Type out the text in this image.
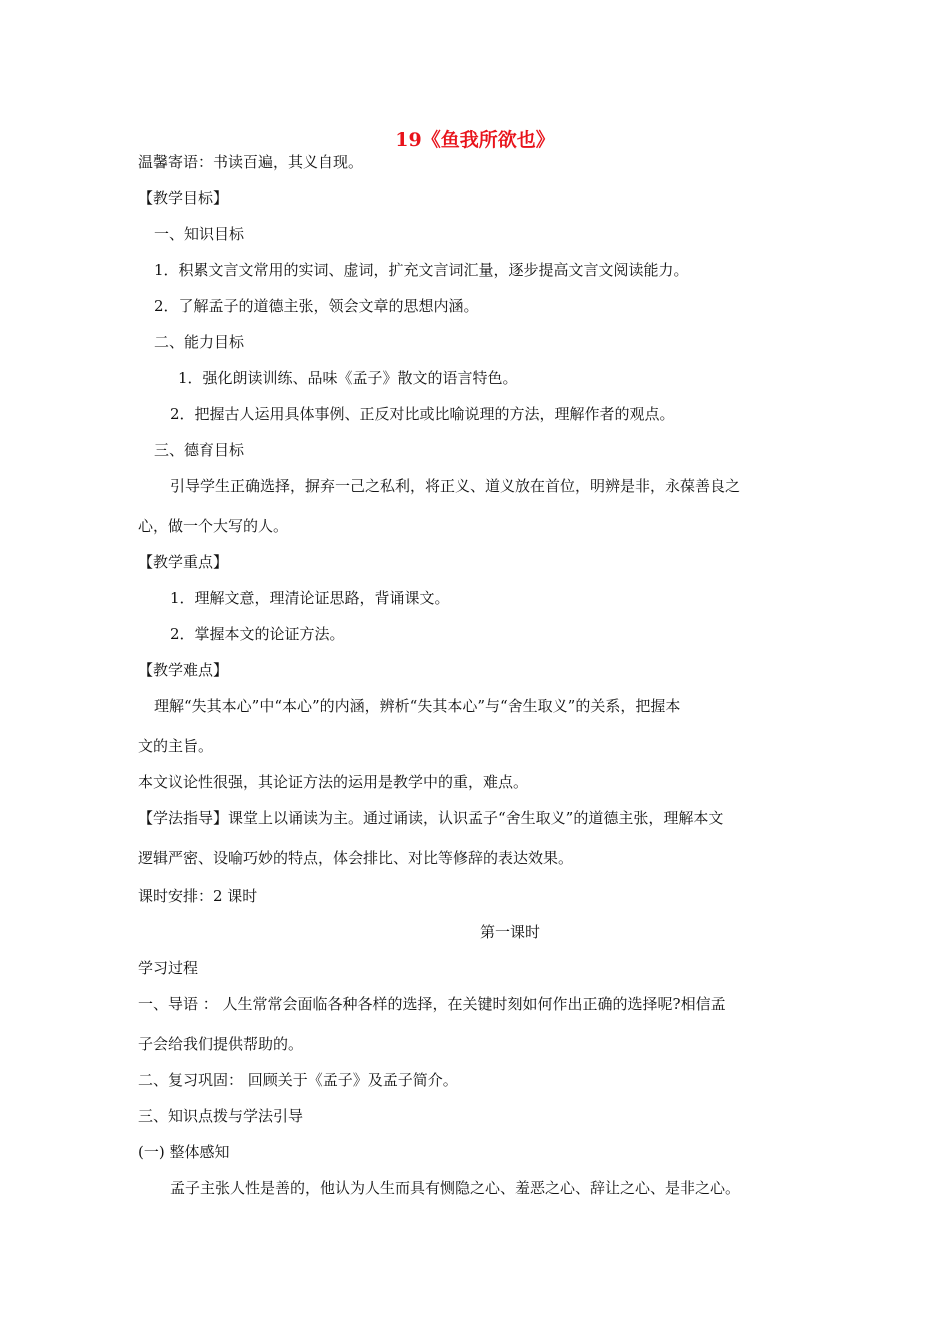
19《鱼我所欲也》
温馨寄语：书读百遍，其义自现。
【教学目标】
一、知识目标
1．积累文言文常用的实词、虚词，扩充文言词汇量，逐步提高文言文阅读能力。
2．了解孟子的道德主张，领会文章的思想内涵。
二、能力目标
1．强化朗读训练、品味《孟子》散文的语言特色。
2．把握古人运用具体事例、正反对比或比喻说理的方法，理解作者的观点。
三、德育目标
引导学生正确选择，摒弃一己之私利，将正义、道义放在首位，明辨是非，永葆善良之
心，做一个大写的人。
【教学重点】
1．理解文意，理清论证思路，背诵课文。
2．掌握本文的论证方法。
【教学难点】
理解“失其本心”中“本心”的内涵，辨析“失其本心”与“舍生取义”的关系，把握本
文的主旨。
本文议论性很强，其论证方法的运用是教学中的重，难点。
【学法指导】课堂上以诵读为主。通过诵读，认识孟子“舍生取义”的道德主张，理解本文
逻辑严密、设喻巧妙的特点，体会排比、对比等修辞的表达效果。
课时安排：2 课时
第一课时
学习过程
一、导语 ： 人生常常会面临各种各样的选择，在关键时刻如何作出正确的选择呢?相信孟
子会给我们提供帮助的。
二、复习巩固： 回顾关于《孟子》及孟子简介。
三、知识点拨与学法引导
(一) 整体感知
孟子主张人性是善的，他认为人生而具有恻隐之心、羞恶之心、辞让之心、是非之心。
